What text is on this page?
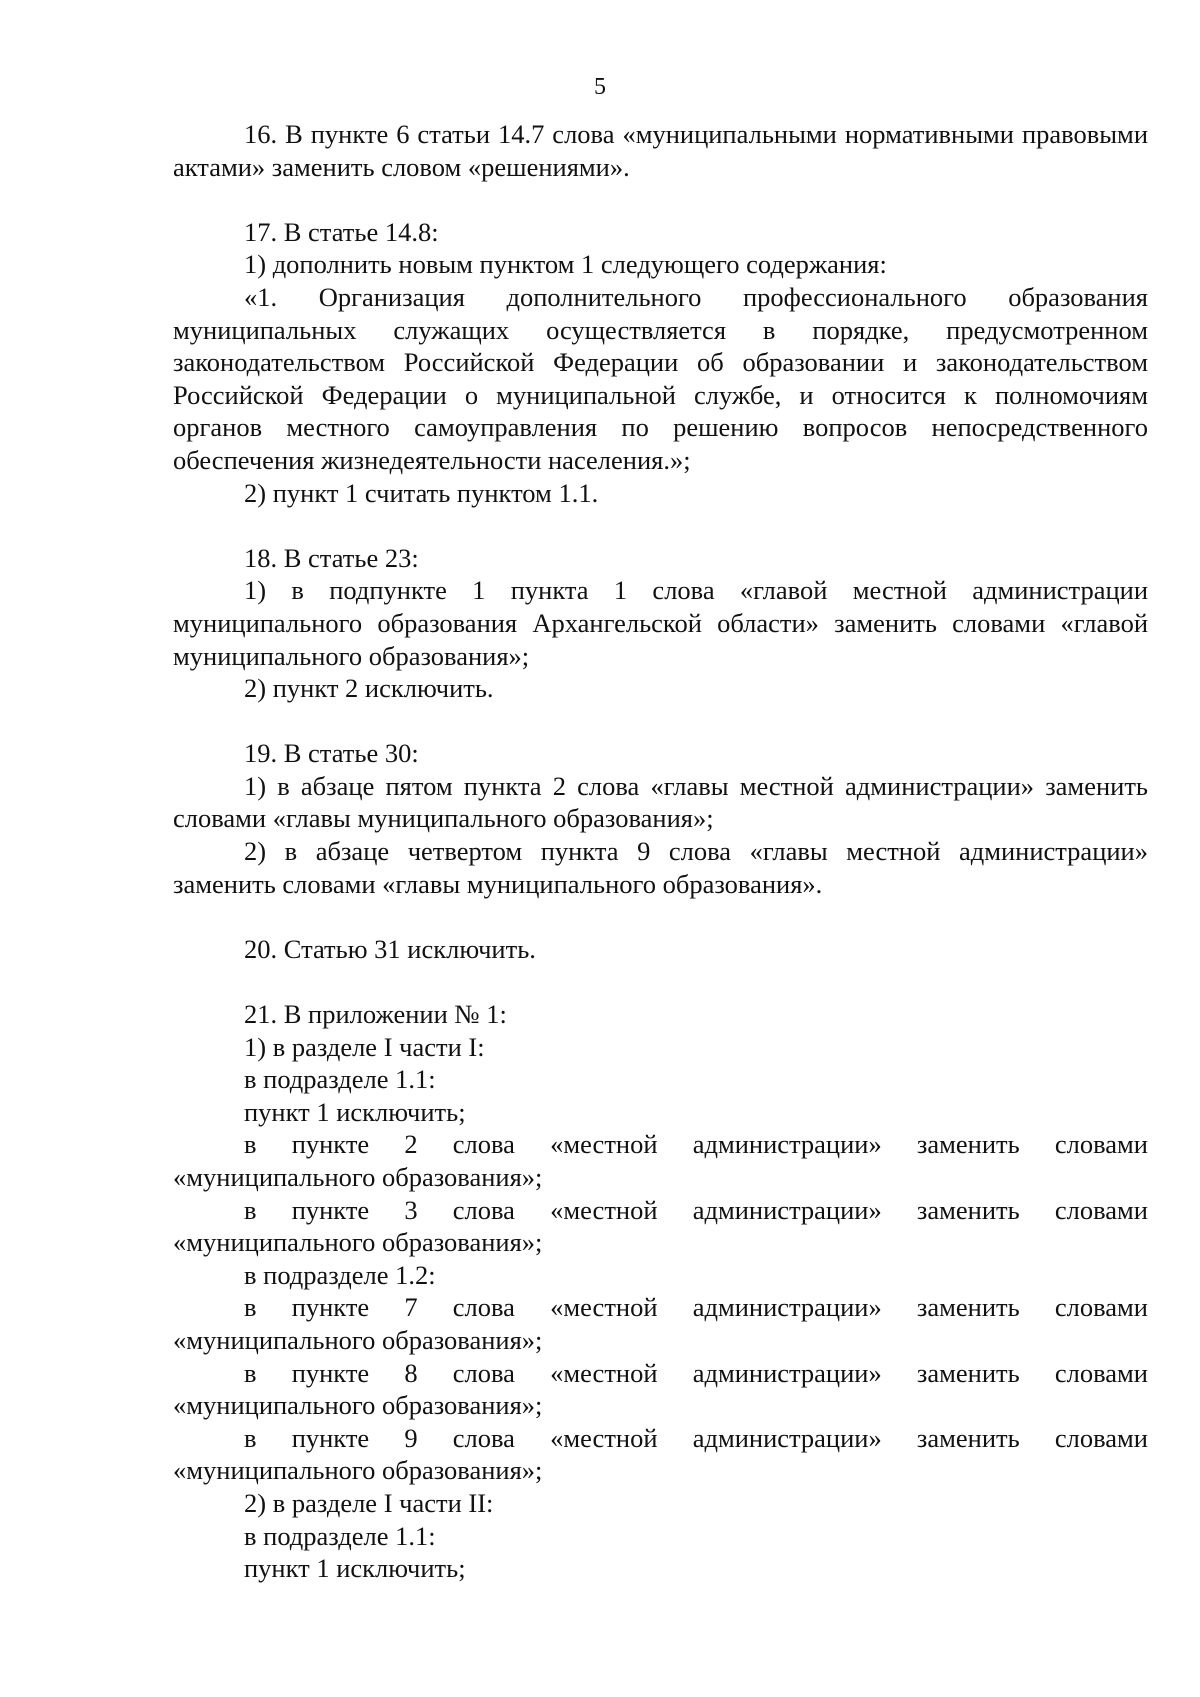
5

16. В пункте 6 статьи 14.7 слова «муниципальными нормативными правовыми актами» заменить словом «решениями».

17. В статье 14.8:

1) дополнить новым пунктом 1 следующего содержания:

«1. Организация дополнительного профессионального образования муниципальных служащих осуществляется в порядке, предусмотренном законодательством Российской Федерации об образовании и законодательством Российской Федерации о муниципальной службе, и относится к полномочиям органов местного самоуправления по решению вопросов непосредственного обеспечения жизнедеятельности населения.»;

2) пункт 1 считать пунктом 1.1.

18. В статье 23:

1) в подпункте 1 пункта 1 слова «главой местной администрации муниципального образования Архангельской области» заменить словами «главой муниципального образования»;

2) пункт 2 исключить.

19. В статье 30:

1) в абзаце пятом пункта 2 слова «главы местной администрации» заменить словами «главы муниципального образования»;

2) в абзаце четвертом пункта 9 слова «главы местной администрации» заменить словами «главы муниципального образования».

20. Статью 31 исключить.

21. В приложении № 1:

1) в разделе I части I:

в подразделе 1.1:

пункт 1 исключить;

в пункте 2 слова «местной администрации» заменить словами «муниципального образования»;

в пункте 3 слова «местной администрации» заменить словами «муниципального образования»;

в подразделе 1.2:

в пункте 7 слова «местной администрации» заменить словами «муниципального образования»;

в пункте 8 слова «местной администрации» заменить словами «муниципального образования»;

в пункте 9 слова «местной администрации» заменить словами «муниципального образования»;

2) в разделе I части II:

в подразделе 1.1:

пункт 1 исключить;
